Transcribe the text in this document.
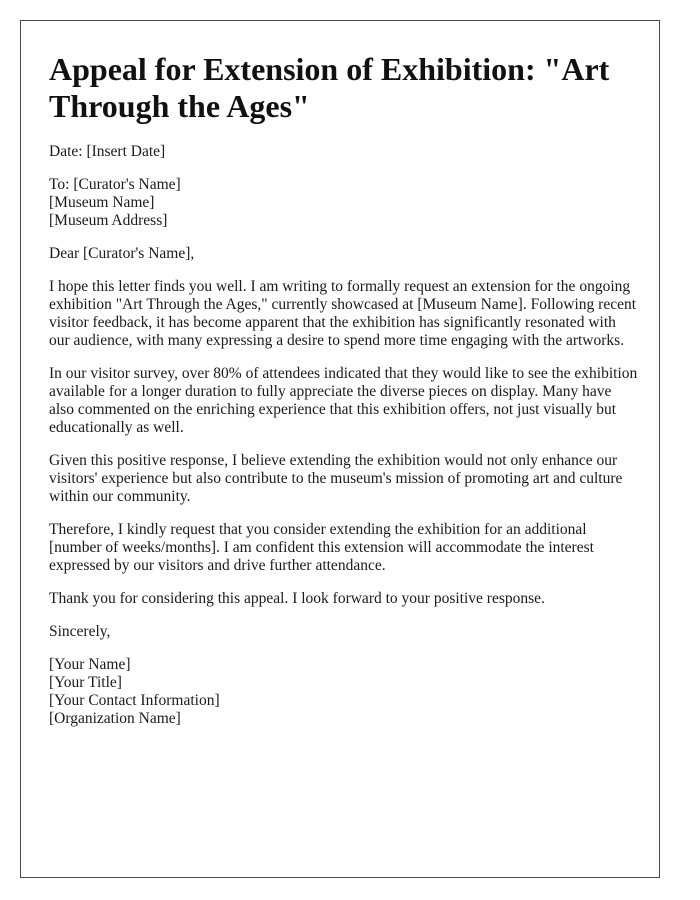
Appeal for Extension of Exhibition: "Art Through the Ages"

Date: [Insert Date]

To: [Curator's Name]
[Museum Name]
[Museum Address]

Dear [Curator's Name],

I hope this letter finds you well. I am writing to formally request an extension for the ongoing exhibition "Art Through the Ages," currently showcased at [Museum Name]. Following recent visitor feedback, it has become apparent that the exhibition has significantly resonated with our audience, with many expressing a desire to spend more time engaging with the artworks.

In our visitor survey, over 80% of attendees indicated that they would like to see the exhibition available for a longer duration to fully appreciate the diverse pieces on display. Many have also commented on the enriching experience that this exhibition offers, not just visually but educationally as well.

Given this positive response, I believe extending the exhibition would not only enhance our visitors' experience but also contribute to the museum's mission of promoting art and culture within our community.

Therefore, I kindly request that you consider extending the exhibition for an additional [number of weeks/months]. I am confident this extension will accommodate the interest expressed by our visitors and drive further attendance.

Thank you for considering this appeal. I look forward to your positive response.

Sincerely,

[Your Name]
[Your Title]
[Your Contact Information]
[Organization Name]
